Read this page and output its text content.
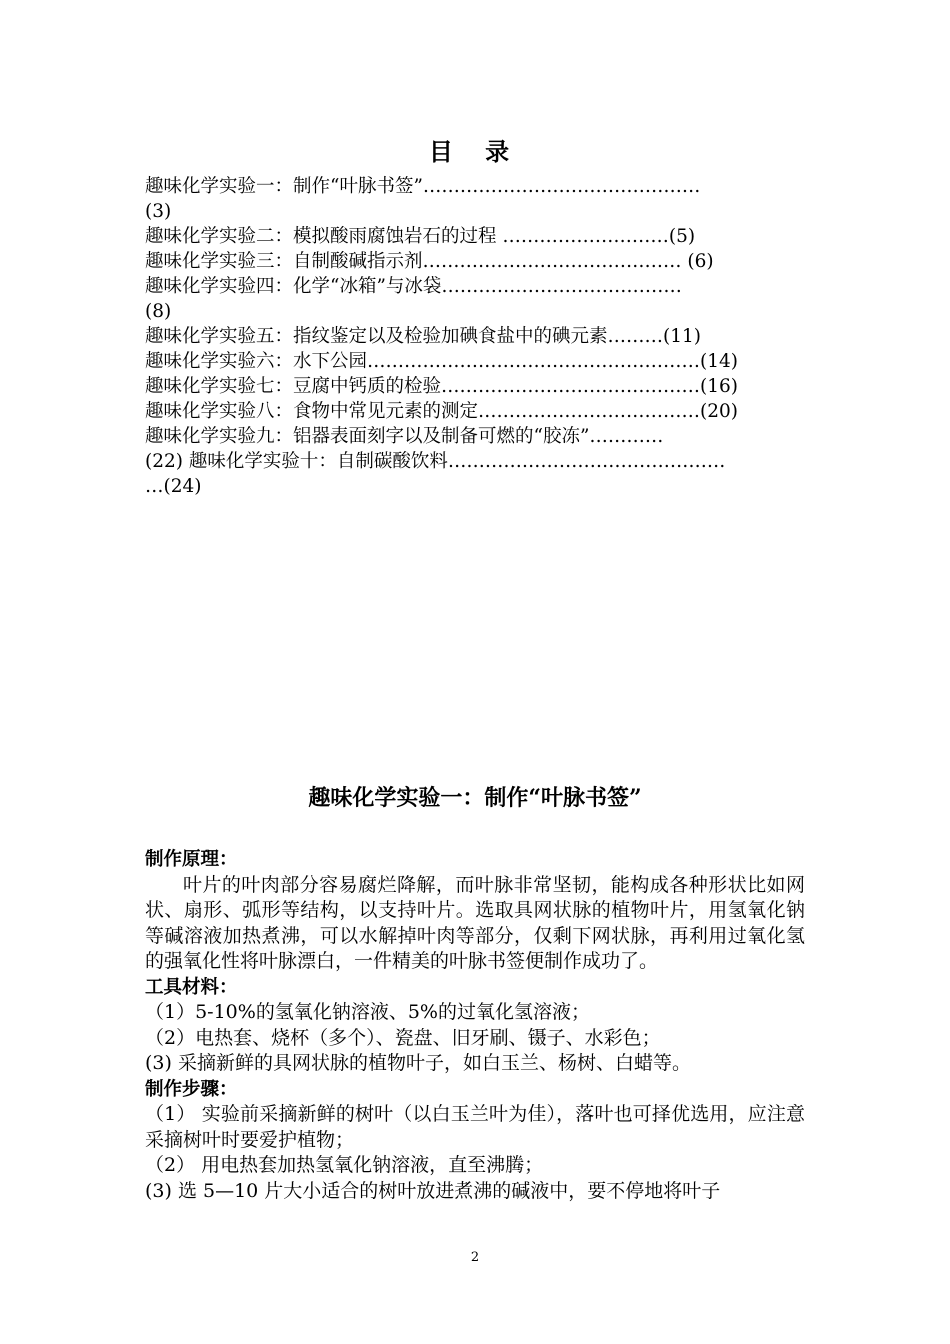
目 录
趣味化学实验一：制作“叶脉书签”………………………………………
(3)
趣味化学实验二：模拟酸雨腐蚀岩石的过程 ………………………(5)
趣味化学实验三：自制酸碱指示剂…………………………………… (6)
趣味化学实验四：化学“冰箱”与冰袋…………………………………
(8)
趣味化学实验五：指纹鉴定以及检验加碘食盐中的碘元素………(11)
趣味化学实验六：水下公园………………………………………………(14)
趣味化学实验七：豆腐中钙质的检验……………………………………(16)
趣味化学实验八：食物中常见元素的测定………………………………(20)
趣味化学实验九：铝器表面刻字以及制备可燃的“胶冻”…………
(22) 趣味化学实验十：自制碳酸饮料………………………………………
…(24)
趣味化学实验一：制作“叶脉书签”
制作原理：
叶片的叶肉部分容易腐烂降解，而叶脉非常坚韧，能构成各种形状比如网状、扇形、弧形等结构，以支持叶片。选取具网状脉的植物叶片，用氢氧化钠等碱溶液加热煮沸，可以水解掉叶肉等部分，仅剩下网状脉，再利用过氧化氢的强氧化性将叶脉漂白，一件精美的叶脉书签便制作成功了。
工具材料：
（1）5-10%的氢氧化钠溶液、5%的过氧化氢溶液；
（2）电热套、烧杯（多个）、瓷盘、旧牙刷、镊子、水彩色；
(3) 采摘新鲜的具网状脉的植物叶子，如白玉兰、杨树、白蜡等。
制作步骤：
（1） 实验前采摘新鲜的树叶（以白玉兰叶为佳），落叶也可择优选用，应注意采摘树叶时要爱护植物；
（2） 用电热套加热氢氧化钠溶液，直至沸腾；
(3) 选 5—10 片大小适合的树叶放进煮沸的碱液中，要不停地将叶子
2
